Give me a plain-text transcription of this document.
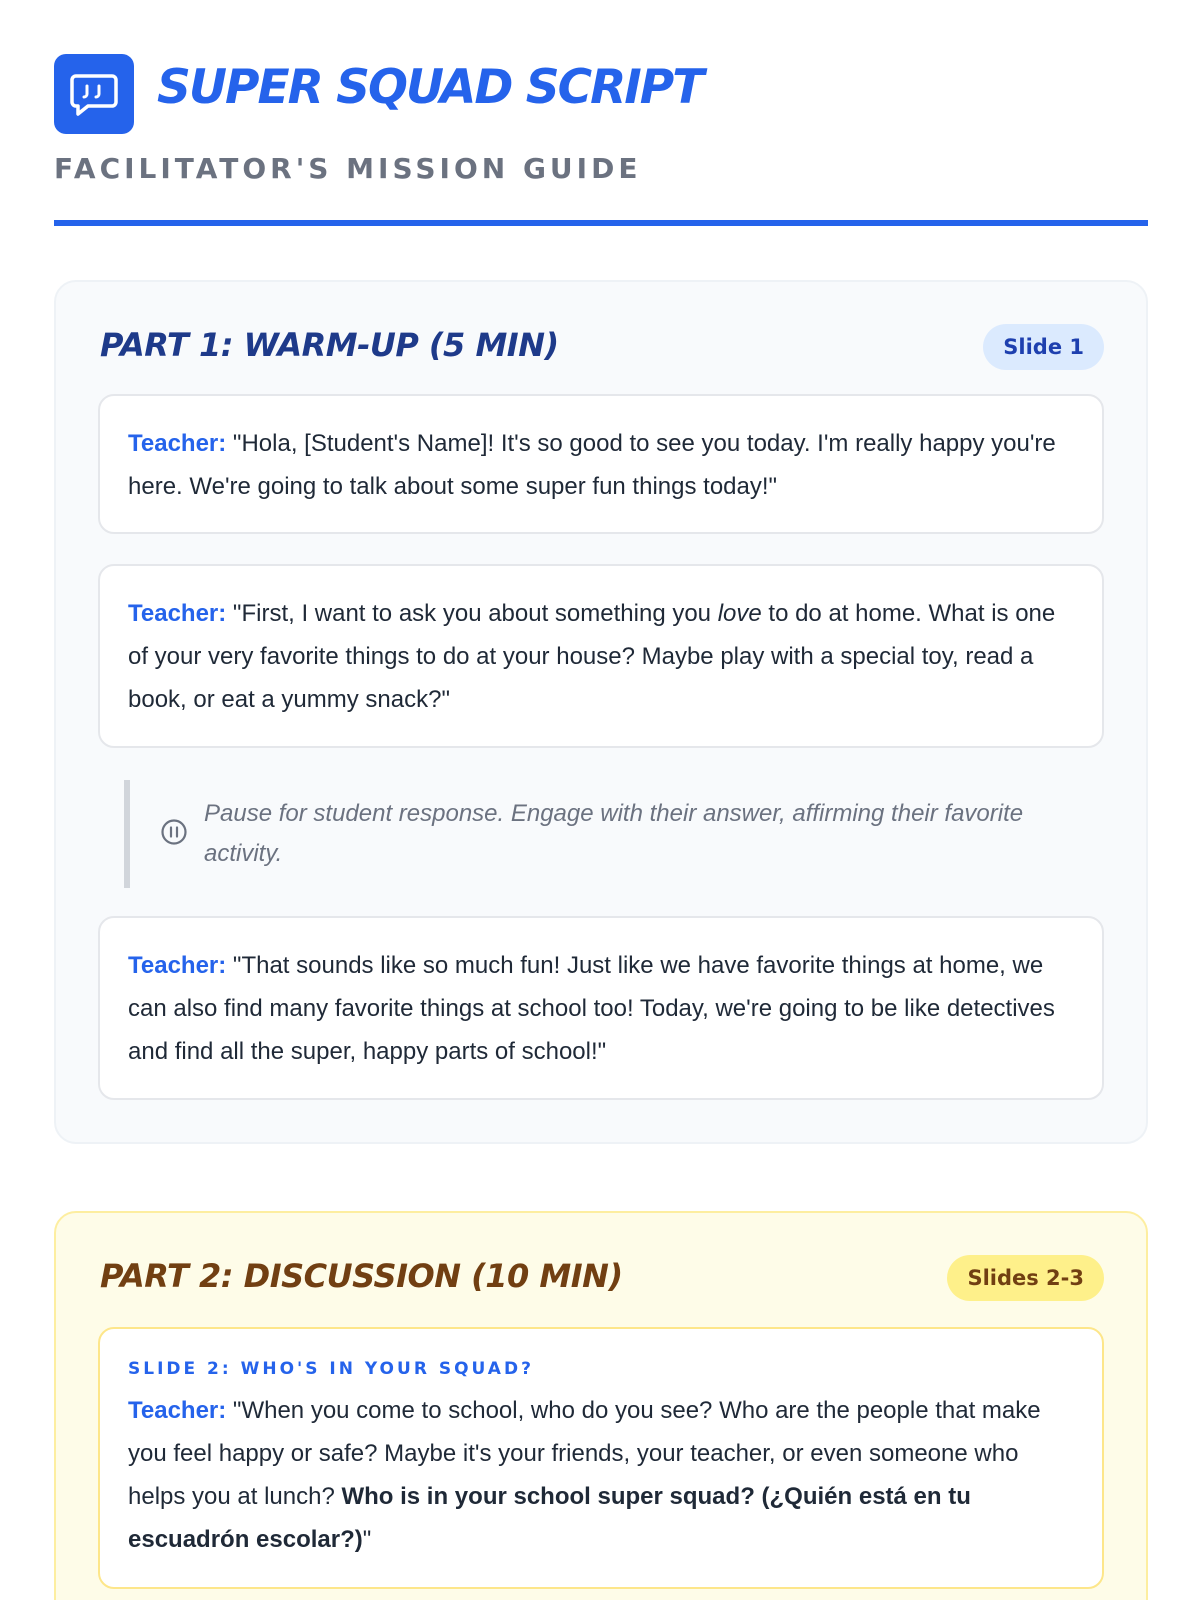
SUPER SQUAD SCRIPT
FACILITATOR'S MISSION GUIDE
PART 1: WARM-UP (5 MIN)	Slide 1
Teacher: "Hola, [Student's Name]! It's so good to see you today. I'm really happy you're here. We're going to talk about some super fun things today!"
Teacher: "First, I want to ask you about something you love to do at home. What is one of your very favorite things to do at your house? Maybe play with a special toy, read a book, or eat a yummy snack?"
Pause for student response. Engage with their answer, affirming their favorite activity.
Teacher: "That sounds like so much fun! Just like we have favorite things at home, we can also find many favorite things at school too! Today, we're going to be like detectives and find all the super, happy parts of school!"
PART 2: DISCUSSION (10 MIN)	Slides 2-3
SLIDE 2: WHO'S IN YOUR SQUAD?
Teacher: "When you come to school, who do you see? Who are the people that make you feel happy or safe? Maybe it's your friends, your teacher, or even someone who helps you at lunch? Who is in your school super squad? (¿Quién está en tu escuadrón escolar?)"
